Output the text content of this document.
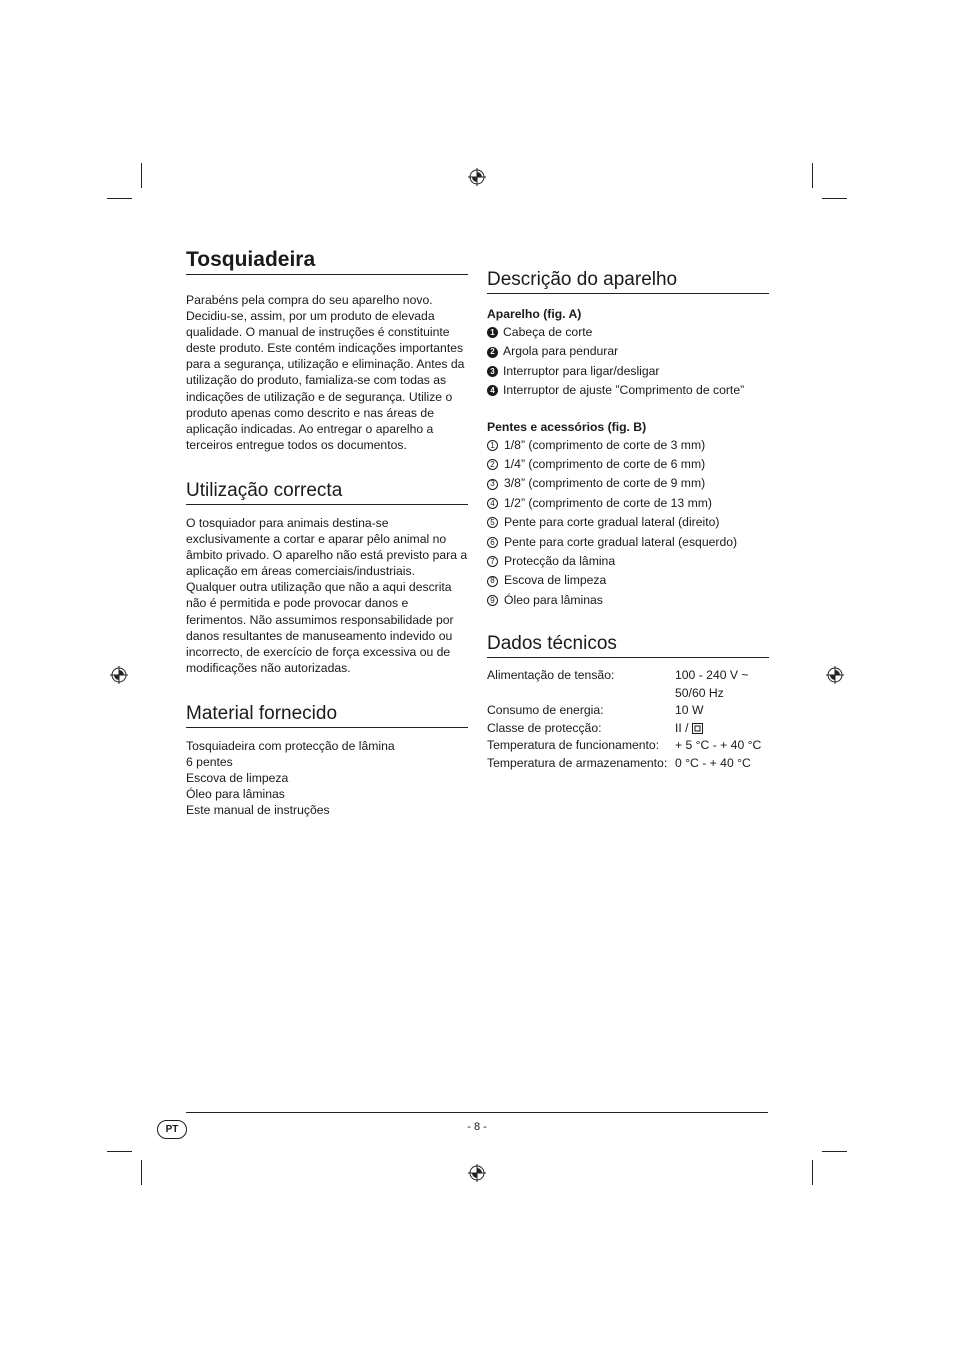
Tosquiadeira

Parabéns pela compra do seu aparelho novo. Decidiu-se, assim, por um produto de elevada qualidade. O manual de instruções é constituinte deste produto. Este contém indicações importantes para a segurança, utilização e eliminação. Antes da utilização do produto, famializa-se com todas as indicações de utilização e de segurança. Utilize o produto apenas como descrito e nas áreas de aplicação indicadas. Ao entregar o aparelho a terceiros entregue todos os documentos.

Utilização correcta

O tosquiador para animais destina-se exclusivamente a cortar e aparar pêlo animal no âmbito privado. O aparelho não está previsto para a aplicação em áreas comerciais/industriais. Qualquer outra utilização que não a aqui descrita não é permitida e pode provocar danos e ferimentos. Não assumimos responsabilidade por danos resultantes de manuseamento indevido ou incorrecto, de exercício de força excessiva ou de modificações não autorizadas.

Material fornecido
Tosquiadeira com protecção de lâmina
6 pentes
Escova de limpeza
Óleo para lâminas
Este manual de instruções
Descrição do aparelho

Aparelho (fig. A)

1 Cabeça de corte
2 Argola para pendurar
3 Interruptor para ligar/desligar
4 Interruptor de ajuste ”Comprimento de corte”

Pentes e acessórios (fig. B)

1 1/8” (comprimento de corte de 3 mm)
2 1/4” (comprimento de corte de 6 mm)
3 3/8” (comprimento de corte de 9 mm)
4 1/2” (comprimento de corte de 13 mm)
5 Pente para corte gradual lateral (direito)
6 Pente para corte gradual lateral (esquerdo)
7 Protecção da lâmina
8 Escova de limpeza
9 Óleo para lâminas
Dados técnicos
Alimentação de tensão:	100 - 240 V ~
50/60 Hz
Consumo de energia:	10 W
Classe de protecção:	II /
Temperatura de funcionamento:	+ 5 °C - + 40 °C
Temperatura de armazenamento: 0 °C - + 40 °C
PT	- 8 -
